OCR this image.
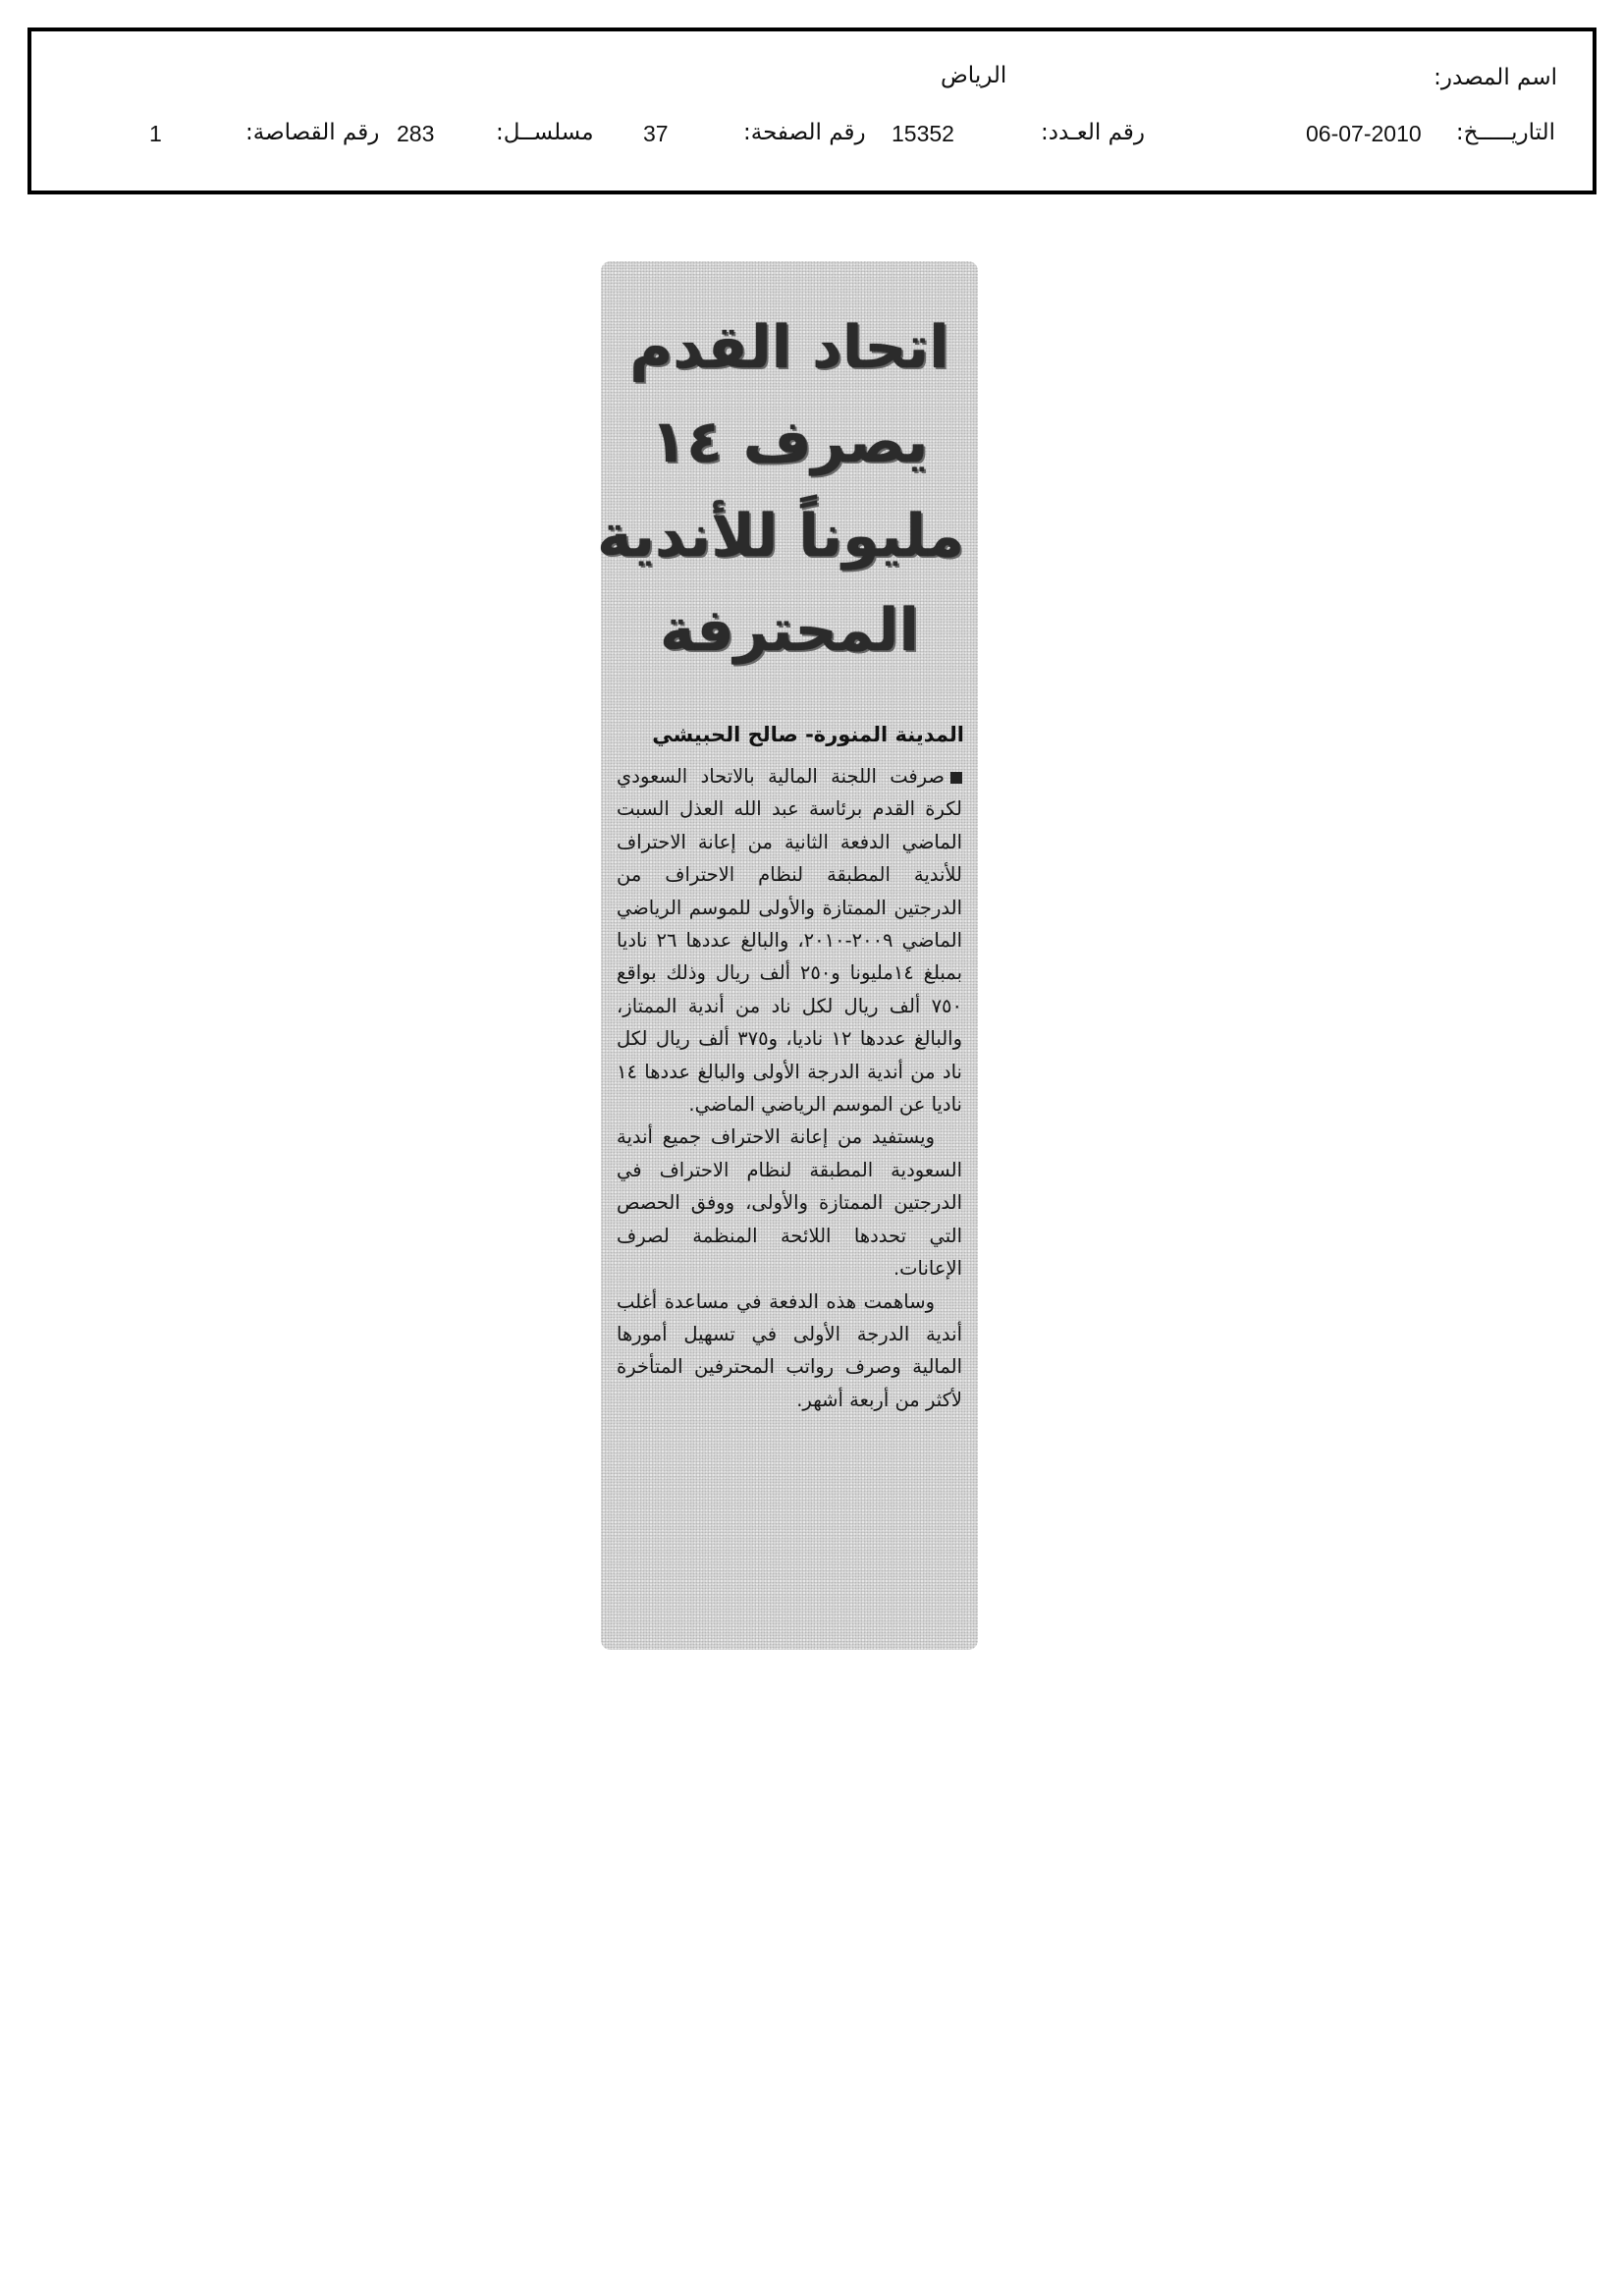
اسم المصدر:
الرياض
التاريـــــخ:
06-07-2010
رقم العـدد:
15352
رقم الصفحة:
37
مسلســل:
283
رقم القصاصة:
1
اتحاد القدم
يصرف ١٤
مليوناً للأندية
المحترفة
المدينة المنورة- صالح الحبيشي

صرفت اللجنة المالية بالاتحاد السعودي لكرة القدم برئاسة عبد الله العذل السبت الماضي الدفعة الثانية من إعانة الاحتراف للأندية المطبقة لنظام الاحتراف من الدرجتين الممتازة والأولى للموسم الرياضي الماضي ٢٠٠٩-٢٠١٠، والبالغ عددها ٢٦ ناديا بمبلغ ١٤مليونا و٢٥٠ ألف ريال وذلك بواقع ٧٥٠ ألف ريال لكل ناد من أندية الممتاز، والبالغ عددها ١٢ ناديا، و٣٧٥ ألف ريال لكل ناد من أندية الدرجة الأولى والبالغ عددها ١٤ ناديا عن الموسم الرياضي الماضي.

ويستفيد من إعانة الاحتراف جميع أندية السعودية المطبقة لنظام الاحتراف في الدرجتين الممتازة والأولى، ووفق الحصص التي تحددها اللائحة المنظمة لصرف الإعانات.

وساهمت هذه الدفعة في مساعدة أغلب أندية الدرجة الأولى في تسهيل أمورها المالية وصرف رواتب المحترفين المتأخرة لأكثر من أربعة أشهر.
